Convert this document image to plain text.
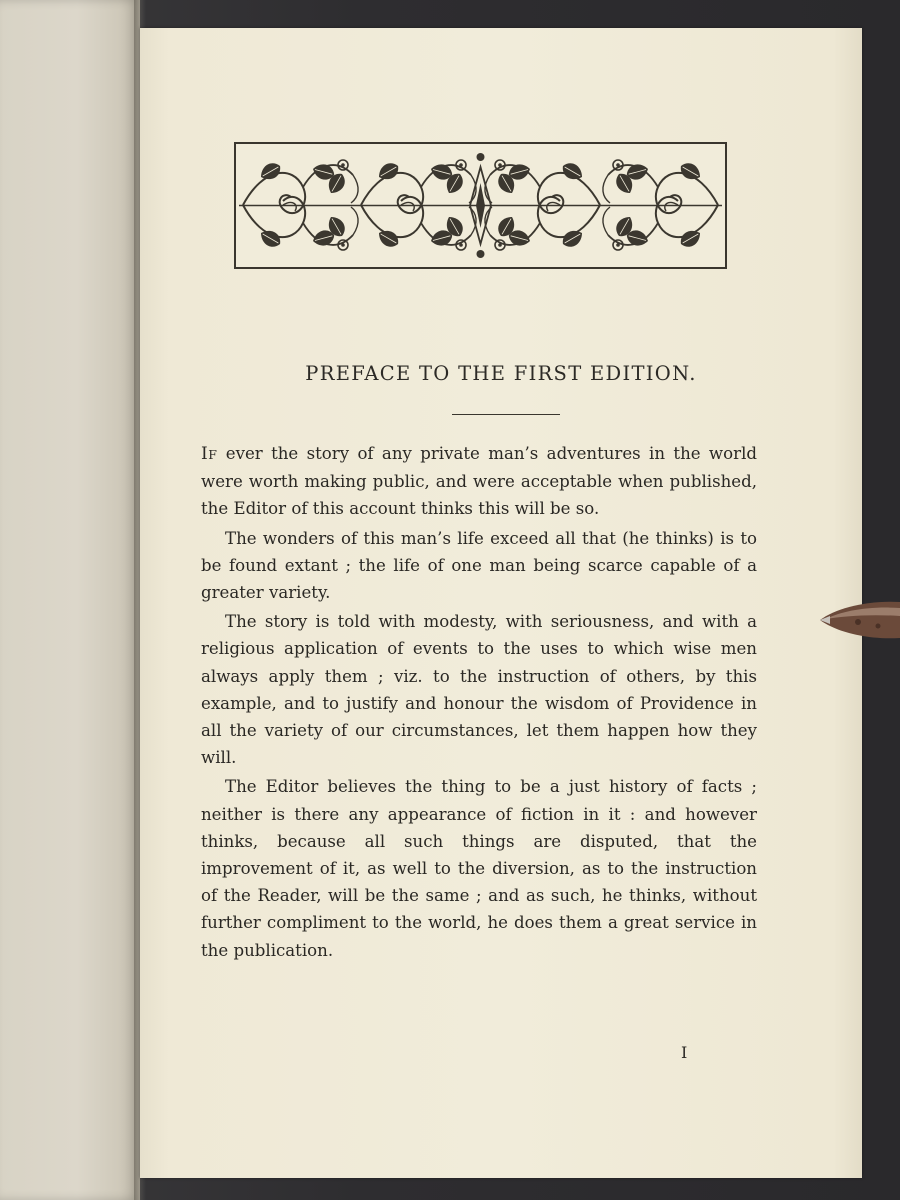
PREFACE TO THE FIRST EDITION.

IF ever the story of any private man’s adventures in the world were worth making public, and were acceptable when published, the Editor of this account thinks this will be so.

The wonders of this man’s life exceed all that (he thinks) is to be found extant ; the life of one man being scarce capable of a greater variety.

The story is told with modesty, with seriousness, and with a religious application of events to the uses to which wise men always apply them ; viz. to the instruction of others, by this example, and to justify and honour the wisdom of Providence in all the variety of our circumstances, let them happen how they will.

The Editor believes the thing to be a just history of facts ; neither is there any appearance of fiction in it : and however thinks, because all such things are disputed, that the improvement of it, as well to the diversion, as to the instruction of the Reader, will be the same ; and as such, he thinks, without further compliment to the world, he does them a great service in the publication.

I
